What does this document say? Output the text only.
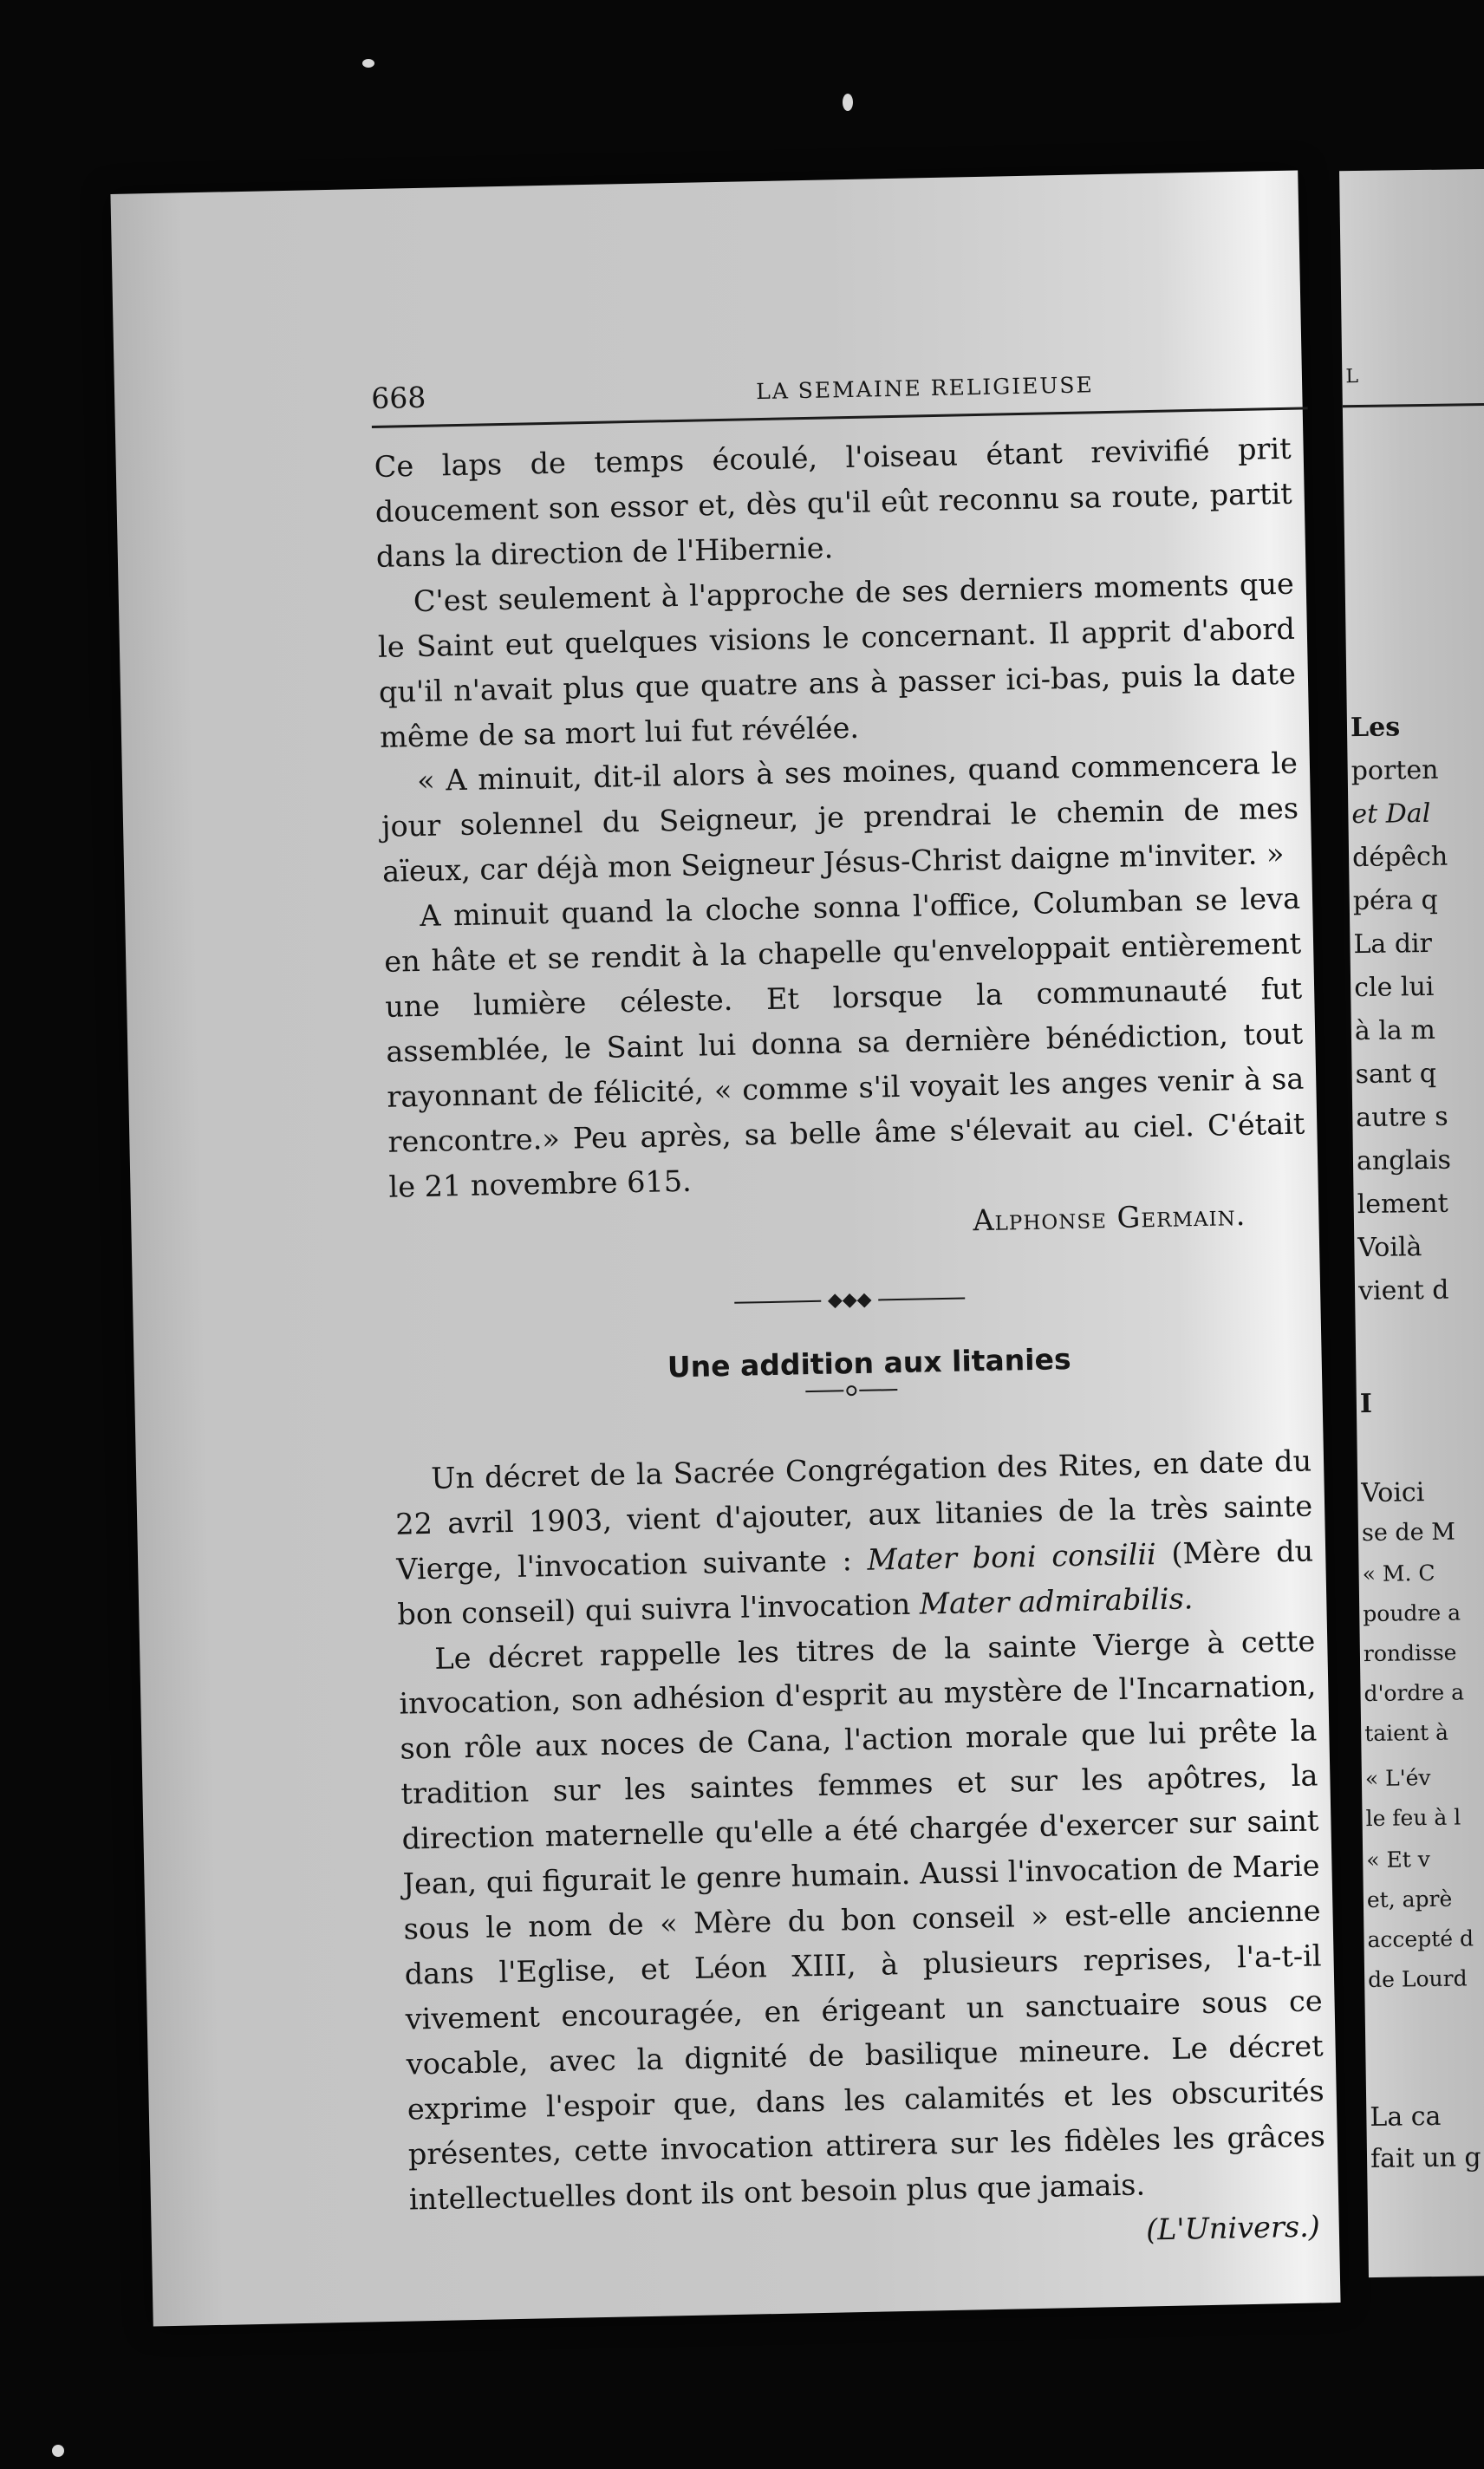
668	LA SEMAINE RELIGIEUSE

Ce laps de temps écoulé, l'oiseau étant revivifié prit doucement son essor et, dès qu'il eût reconnu sa route, partit dans la direction de l'Hibernie.

C'est seulement à l'approche de ses derniers moments que le Saint eut quelques visions le concernant. Il apprit d'abord qu'il n'avait plus que quatre ans à passer ici-bas, puis la date même de sa mort lui fut révélée.

« A minuit, dit-il alors à ses moines, quand commencera le jour solennel du Seigneur, je prendrai le chemin de mes aïeux, car déjà mon Seigneur Jésus-Christ daigne m'inviter. »

A minuit quand la cloche sonna l'office, Columban se leva en hâte et se rendit à la chapelle qu'enveloppait entièrement une lumière céleste. Et lorsque la communauté fut assemblée, le Saint lui donna sa dernière bénédiction, tout rayonnant de félicité, « comme s'il voyait les anges venir à sa rencontre.» Peu après, sa belle âme s'élevait au ciel. C'était le 21 novembre 615.

Alphonse Germain.

◆◆◆

Une addition aux litanies

Un décret de la Sacrée Congrégation des Rites, en date du 22 avril 1903, vient d'ajouter, aux litanies de la très sainte Vierge, l'invocation suivante : Mater boni consilii (Mère du bon conseil) qui suivra l'invocation Mater admirabilis.

Le décret rappelle les titres de la sainte Vierge à cette invocation, son adhésion d'esprit au mystère de l'Incarnation, son rôle aux noces de Cana, l'action morale que lui prête la tradition sur les saintes femmes et sur les apôtres, la direction maternelle qu'elle a été chargée d'exercer sur saint Jean, qui figurait le genre humain. Aussi l'invocation de Marie sous le nom de « Mère du bon conseil » est-elle ancienne dans l'Eglise, et Léon XIII, à plusieurs reprises, l'a-t-il vivement encouragée, en érigeant un sanctuaire sous ce vocable, avec la dignité de basilique mineure. Le décret exprime l'espoir que, dans les calamités et les obscurités présentes, cette invocation attirera sur les fidèles les grâces intellectuelles dont ils ont besoin plus que jamais.

(L'Univers.)

L
Les
porten
et Dal
dépêch
péra q
La dir
cle lui
à la m
sant q
autre s
anglais
lement
Voilà
vient d
I
Voici
se de M
« M. C
poudre a
rondisse
d'ordre a
taient à
« L'év
le feu à l
« Et v
et, aprè
accepté d
de Lourd
La ca
fait un g
